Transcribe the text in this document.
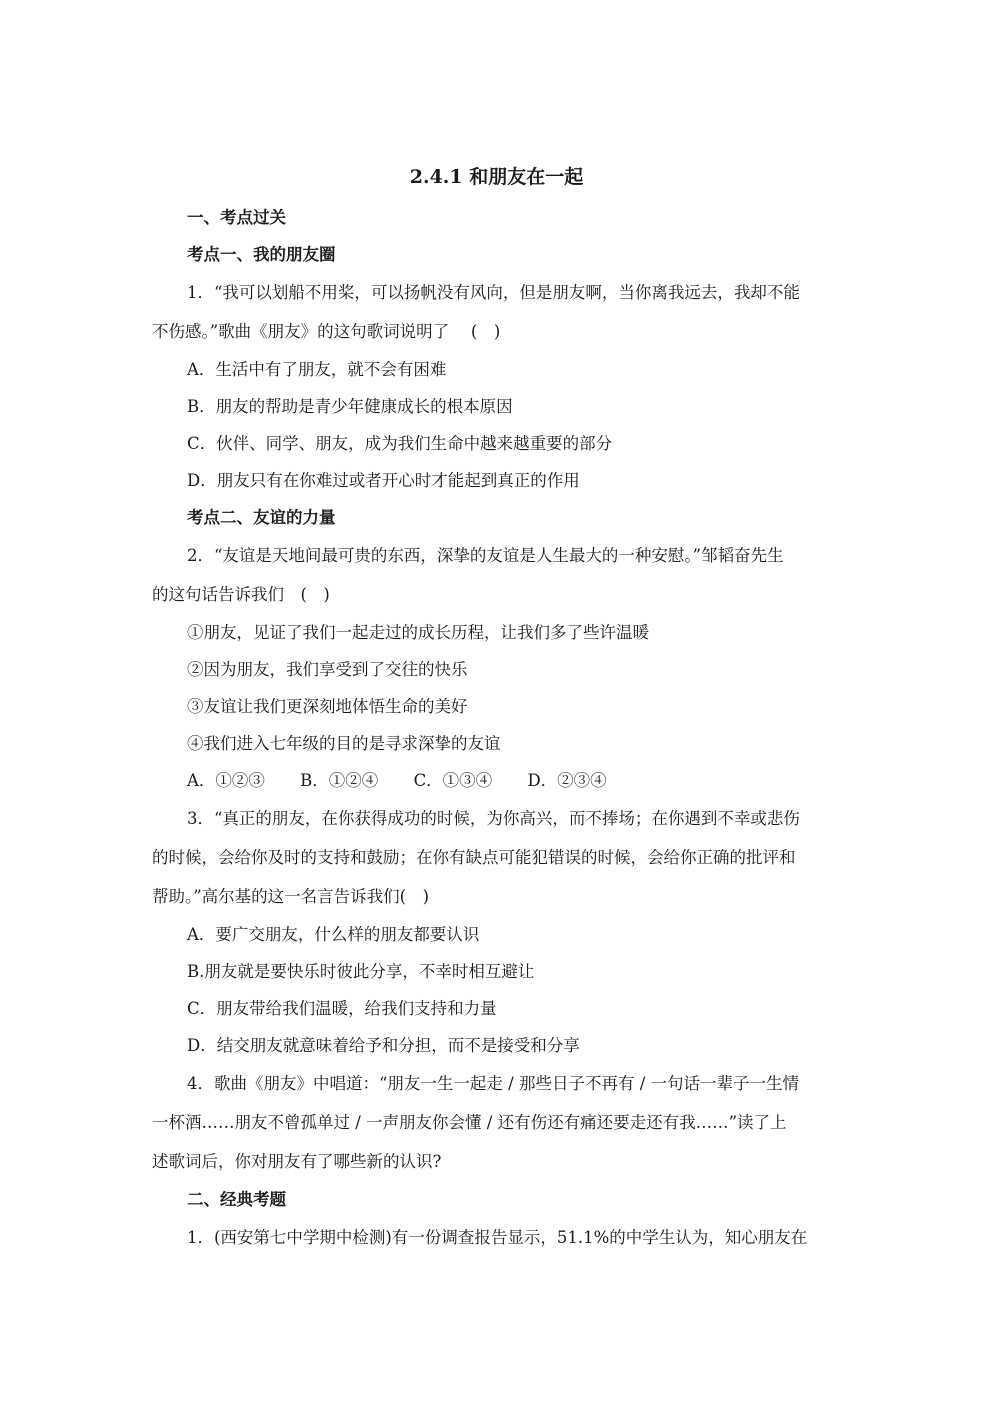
2.4.1 和朋友在一起
一、考点过关
考点一、我的朋友圈
1．“我可以划船不用桨，可以扬帆没有风向，但是朋友啊，当你离我远去，我却不能
不伤感。”歌曲《朋友》的这句歌词说明了　 (　)
A．生活中有了朋友，就不会有困难
B．朋友的帮助是青少年健康成长的根本原因
C．伙伴、同学、朋友，成为我们生命中越来越重要的部分
D．朋友只有在你难过或者开心时才能起到真正的作用
考点二、友谊的力量
2．“友谊是天地间最可贵的东西，深挚的友谊是人生最大的一种安慰。”邹韬奋先生
的这句话告诉我们　(　)
①朋友，见证了我们一起走过的成长历程，让我们多了些许温暖
②因为朋友，我们享受到了交往的快乐
③友谊让我们更深刻地体悟生命的美好
④我们进入七年级的目的是寻求深挚的友谊
A．①②③ B．①②④ C．①③④ D．②③④
3．“真正的朋友，在你获得成功的时候，为你高兴，而不捧场；在你遇到不幸或悲伤
的时候，会给你及时的支持和鼓励；在你有缺点可能犯错误的时候，会给你正确的批评和
帮助。”高尔基的这一名言告诉我们(　)
A．要广交朋友，什么样的朋友都要认识
B.朋友就是要快乐时彼此分享，不幸时相互避让
C．朋友带给我们温暖，给我们支持和力量
D．结交朋友就意味着给予和分担，而不是接受和分享
4．歌曲《朋友》中唱道：“朋友一生一起走 / 那些日子不再有 / 一句话一辈子一生情
一杯酒……朋友不曾孤单过 / 一声朋友你会懂 / 还有伤还有痛还要走还有我……”读了上
述歌词后，你对朋友有了哪些新的认识?
二、经典考题
1．(西安第七中学期中检测)有一份调查报告显示，51.1%的中学生认为，知心朋友在
